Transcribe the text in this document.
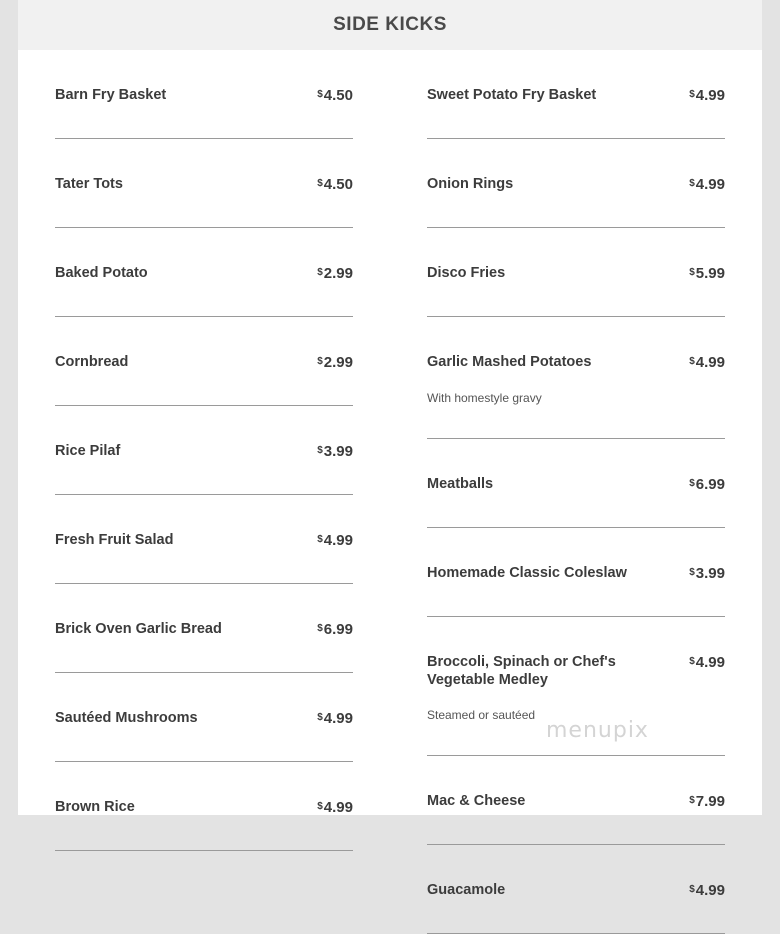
SIDE KICKS
Barn Fry Basket	$4.50
Tater Tots	$4.50
Baked Potato	$2.99
Cornbread	$2.99
Rice Pilaf	$3.99
Fresh Fruit Salad	$4.99
Brick Oven Garlic Bread	$6.99
Sautéed Mushrooms	$4.99
Brown Rice	$4.99
Sweet Potato Fry Basket	$4.99
Onion Rings	$4.99
Disco Fries	$5.99
Garlic Mashed Potatoes	$4.99
With homestyle gravy
Meatballs	$6.99
Homemade Classic Coleslaw	$3.99
Broccoli, Spinach or Chef's Vegetable Medley
$4.99
Steamed or sautéed
Mac & Cheese	$7.99
Guacamole	$4.99
menupix
